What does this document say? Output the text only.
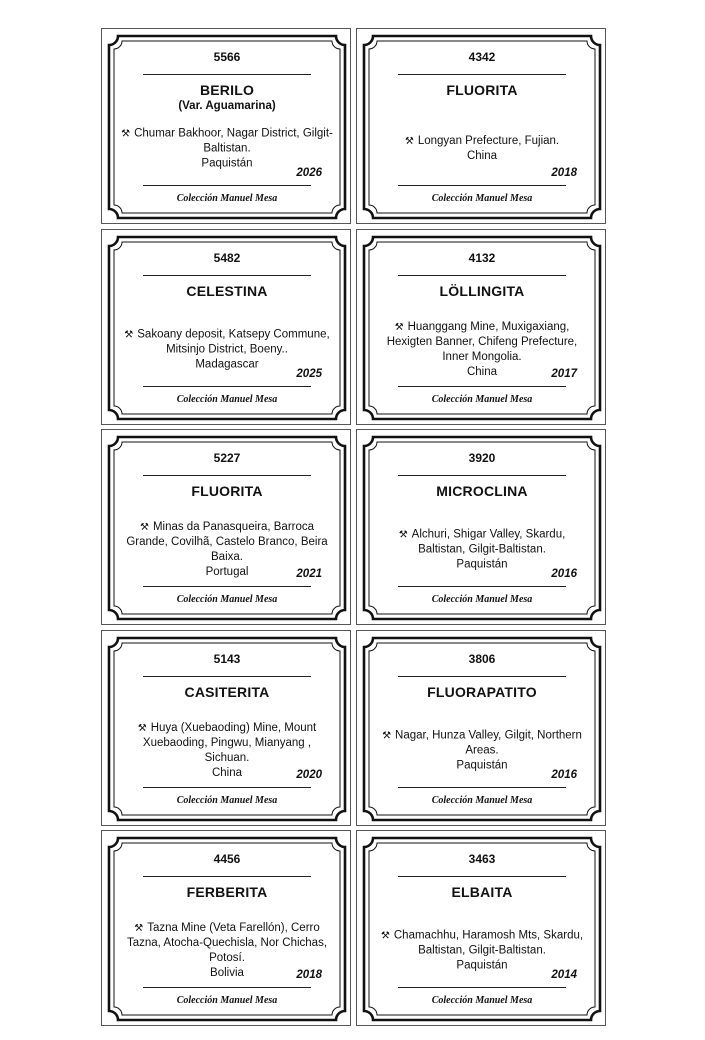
5566
BERILO
(Var. Aguamarina)
⚒ Chumar Bakhoor, Nagar District, Gilgit-Baltistan.
Paquistán
2026
Colección Manuel Mesa
4342
FLUORITA
⚒ Longyan Prefecture, Fujian.
China
2018
Colección Manuel Mesa
5482
CELESTINA
⚒ Sakoany deposit, Katsepy Commune, Mitsinjo District, Boeny..
Madagascar
2025
Colección Manuel Mesa
4132
LÖLLINGITA
⚒ Huanggang Mine, Muxigaxiang, Hexigten Banner, Chifeng Prefecture, Inner Mongolia.
China	2017
Colección Manuel Mesa
5227
FLUORITA
⚒ Minas da Panasqueira, Barroca Grande, Covilhã, Castelo Branco, Beira Baixa.
Portugal	2021
Colección Manuel Mesa
3920
MICROCLINA
⚒ Alchuri, Shigar Valley, Skardu, Baltistan, Gilgit-Baltistan.
Paquistán
2016
Colección Manuel Mesa
5143
CASITERITA
⚒ Huya (Xuebaoding) Mine, Mount Xuebaoding, Pingwu, Mianyang , Sichuan.
China	2020
Colección Manuel Mesa
3806
FLUORAPATITO
⚒ Nagar, Hunza Valley, Gilgit, Northern Areas.
Paquistán
2016
Colección Manuel Mesa
4456
FERBERITA
⚒ Tazna Mine (Veta Farellón), Cerro Tazna, Atocha-Quechisla, Nor Chichas, Potosí.
Bolivia	2018
Colección Manuel Mesa
3463
ELBAITA
⚒ Chamachhu, Haramosh Mts, Skardu, Baltistan, Gilgit-Baltistan.
Paquistán
2014
Colección Manuel Mesa
